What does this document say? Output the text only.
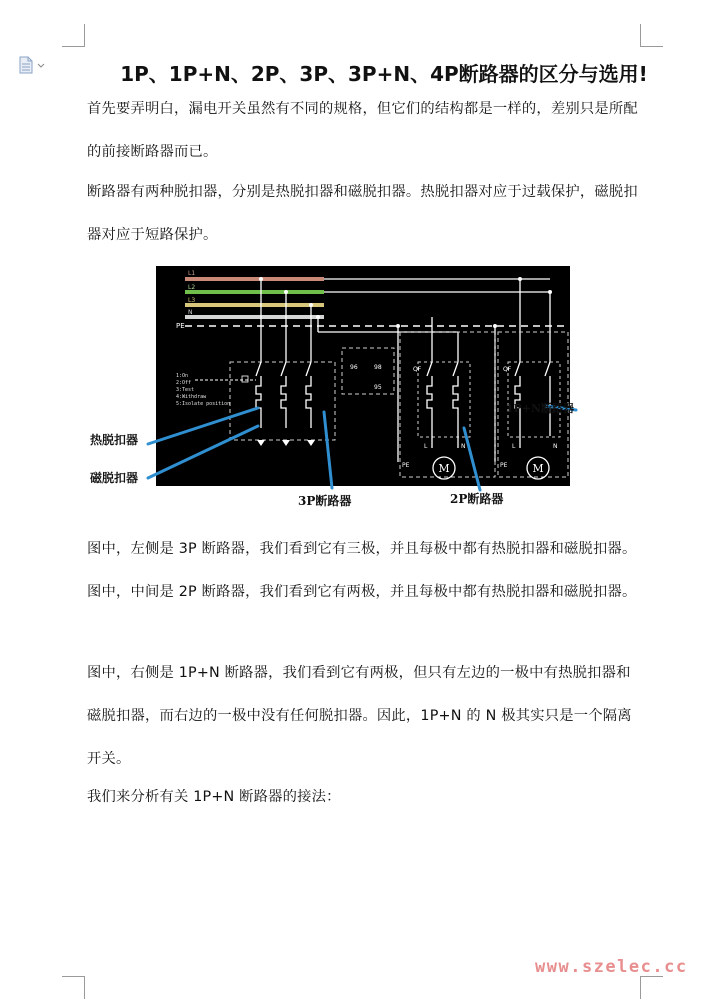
1P、1P+N、2P、3P、3P+N、4P断路器的区分与选用!

首先要弄明白，漏电开关虽然有不同的规格，但它们的结构都是一样的，差别只是所配的前接断路器而已。

断路器有两种脱扣器，分别是热脱扣器和磁脱扣器。热脱扣器对应于过载保护，磁脱扣器对应于短路保护。

L1
L2
L3
N
PE
96	98
95
1:On 2:Off 3:Test 4:Withdraw 5:Isolate position
QF
L	N
PE	M
QF
L	N
PE M
热脱扣器
磁脱扣器
3P断路器	2P断路器
1P+N断路器

图中，左侧是 3P 断路器，我们看到它有三极，并且每极中都有热脱扣器和磁脱扣器。图中，中间是 2P 断路器，我们看到它有两极，并且每极中都有热脱扣器和磁脱扣器。

图中，右侧是 1P+N 断路器，我们看到它有两极，但只有左边的一极中有热脱扣器和磁脱扣器，而右边的一极中没有任何脱扣器。因此，1P+N 的 N 极其实只是一个隔离开关。

我们来分析有关 1P+N 断路器的接法：

www.szelec.cc
